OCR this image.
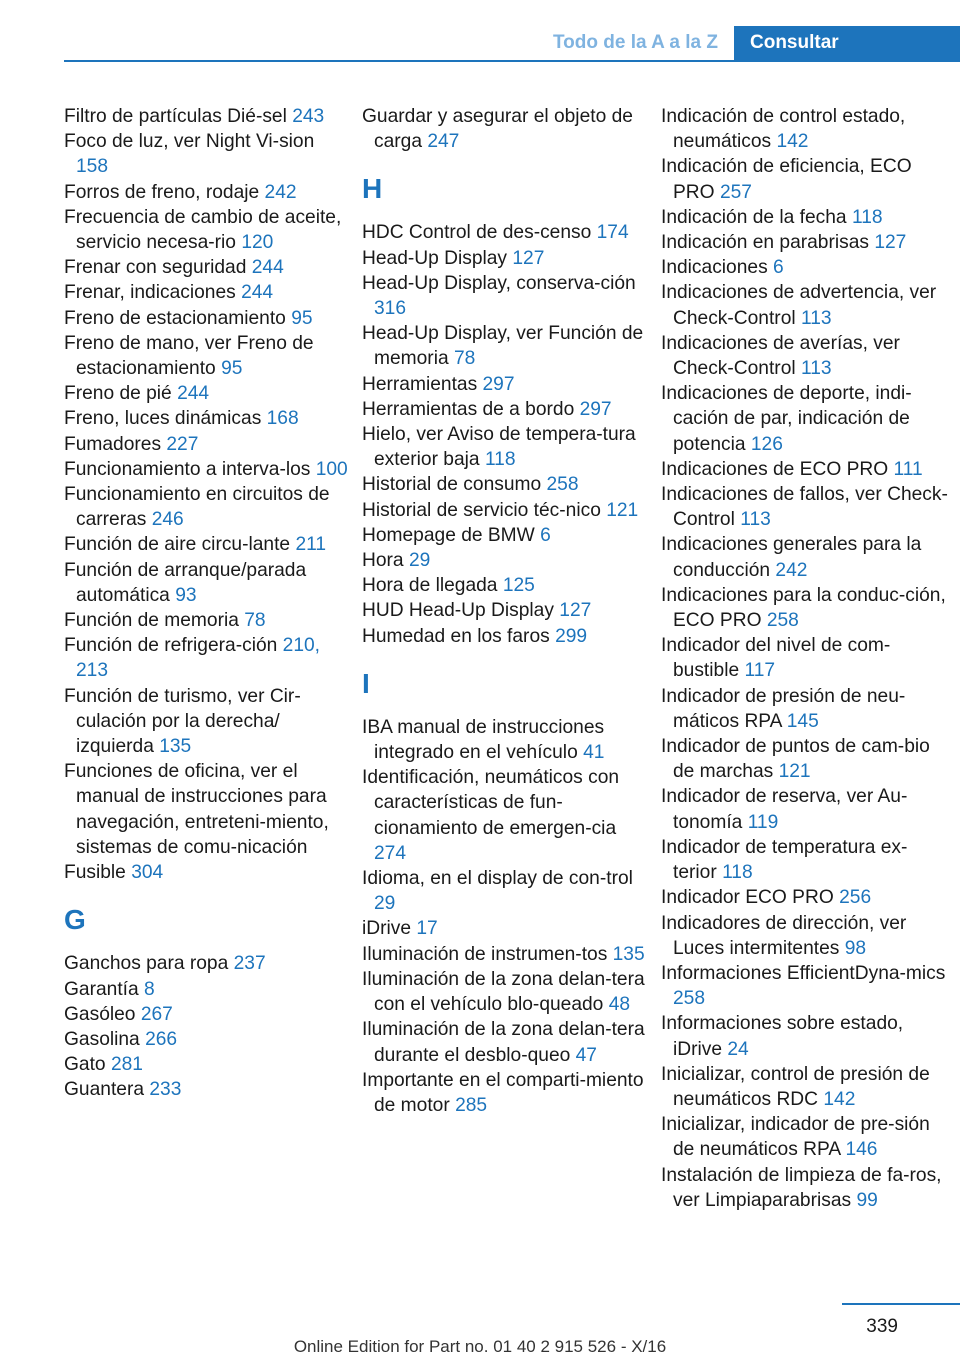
Todo de la A a la Z	Consultar
Filtro de partículas Dié-sel 243
Foco de luz, ver Night Vi-sion 158
Forros de freno, rodaje 242
Frecuencia de cambio de aceite, servicio necesa-rio 120
Frenar con seguridad 244
Frenar, indicaciones 244
Freno de estacionamiento 95
Freno de mano, ver Freno de estacionamiento 95
Freno de pié 244
Freno, luces dinámicas 168
Fumadores 227
Funcionamiento a interva-los 100
Funcionamiento en circuitos de carreras 246
Función de aire circu-lante 211
Función de arranque/parada automática 93
Función de memoria 78
Función de refrigera-ción 210, 213
Función de turismo, ver Cir-culación por la derecha/ izquierda 135
Funciones de oficina, ver el manual de instrucciones para navegación, entreteni-miento, sistemas de comu-nicación
Fusible 304
G
Ganchos para ropa 237
Garantía 8
Gasóleo 267
Gasolina 266
Gato 281
Guantera 233
Guardar y asegurar el objeto de carga 247
H
HDC Control de des-censo 174
Head-Up Display 127
Head-Up Display, conserva-ción 316
Head-Up Display, ver Función de memoria 78
Herramientas 297
Herramientas de a bordo 297
Hielo, ver Aviso de tempera-tura exterior baja 118
Historial de consumo 258
Historial de servicio téc-nico 121
Homepage de BMW 6
Hora 29
Hora de llegada 125
HUD Head-Up Display 127
Humedad en los faros 299
I
IBA manual de instrucciones integrado en el vehículo 41
Identificación, neumáticos con características de fun-cionamiento de emergen-cia 274
Idioma, en el display de con-trol 29
iDrive 17
Iluminación de instrumen-tos 135
Iluminación de la zona delan-tera con el vehículo blo-queado 48
Iluminación de la zona delan-tera durante el desblo-queo 47
Importante en el comparti-miento de motor 285
Indicación de control estado, neumáticos 142
Indicación de eficiencia, ECO PRO 257
Indicación de la fecha 118
Indicación en parabrisas 127
Indicaciones 6
Indicaciones de advertencia, ver Check-Control 113
Indicaciones de averías, ver Check-Control 113
Indicaciones de deporte, indi-cación de par, indicación de potencia 126
Indicaciones de ECO PRO 111
Indicaciones de fallos, ver Check-Control 113
Indicaciones generales para la conducción 242
Indicaciones para la conduc-ción, ECO PRO 258
Indicador del nivel de com-bustible 117
Indicador de presión de neu-máticos RPA 145
Indicador de puntos de cam-bio de marchas 121
Indicador de reserva, ver Au-tonomía 119
Indicador de temperatura ex-terior 118
Indicador ECO PRO 256
Indicadores de dirección, ver Luces intermitentes 98
Informaciones EfficientDyna-mics 258
Informaciones sobre estado, iDrive 24
Inicializar, control de presión de neumáticos RDC 142
Inicializar, indicador de pre-sión de neumáticos RPA 146
Instalación de limpieza de fa-ros, ver Limpiaparabrisas 99
339
Online Edition for Part no. 01 40 2 915 526 - X/16
